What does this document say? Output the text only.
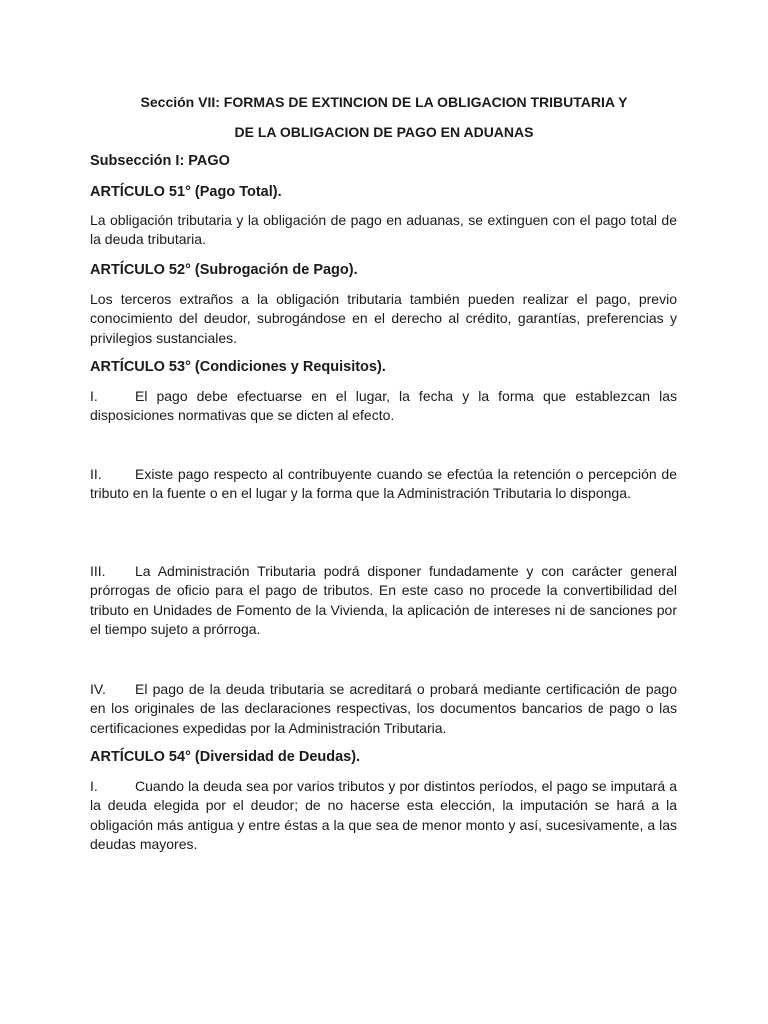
Sección VII: FORMAS DE EXTINCION DE LA OBLIGACION TRIBUTARIA Y
DE LA OBLIGACION DE PAGO EN ADUANAS
Subsección I: PAGO
ARTÍCULO 51° (Pago Total).

La obligación tributaria y la obligación de pago en aduanas, se extinguen con el pago total de la deuda tributaria.

ARTÍCULO 52° (Subrogación de Pago).

Los terceros extraños a la obligación tributaria también pueden realizar el pago, previo conocimiento del deudor, subrogándose en el derecho al crédito, garantías, preferencias y privilegios sustanciales.

ARTÍCULO 53° (Condiciones y Requisitos).

I.	El pago debe efectuarse en el lugar, la fecha y la forma que establezcan las disposiciones normativas que se dicten al efecto.

II. Existe pago respecto al contribuyente cuando se efectúa la retención o percepción de tributo en la fuente o en el lugar y la forma que la Administración Tributaria lo disponga.

III. La Administración Tributaria podrá disponer fundadamente y con carácter general prórrogas de oficio para el pago de tributos. En este caso no procede la convertibilidad del tributo en Unidades de Fomento de la Vivienda, la aplicación de intereses ni de sanciones por el tiempo sujeto a prórroga.

IV. El pago de la deuda tributaria se acreditará o probará mediante certificación de pago en los originales de las declaraciones respectivas, los documentos bancarios de pago o las certificaciones expedidas por la Administración Tributaria.

ARTÍCULO 54° (Diversidad de Deudas).

I.	Cuando la deuda sea por varios tributos y por distintos períodos, el pago se imputará a la deuda elegida por el deudor; de no hacerse esta elección, la imputación se hará a la obligación más antigua y entre éstas a la que sea de menor monto y así, sucesivamente, a las deudas mayores.
